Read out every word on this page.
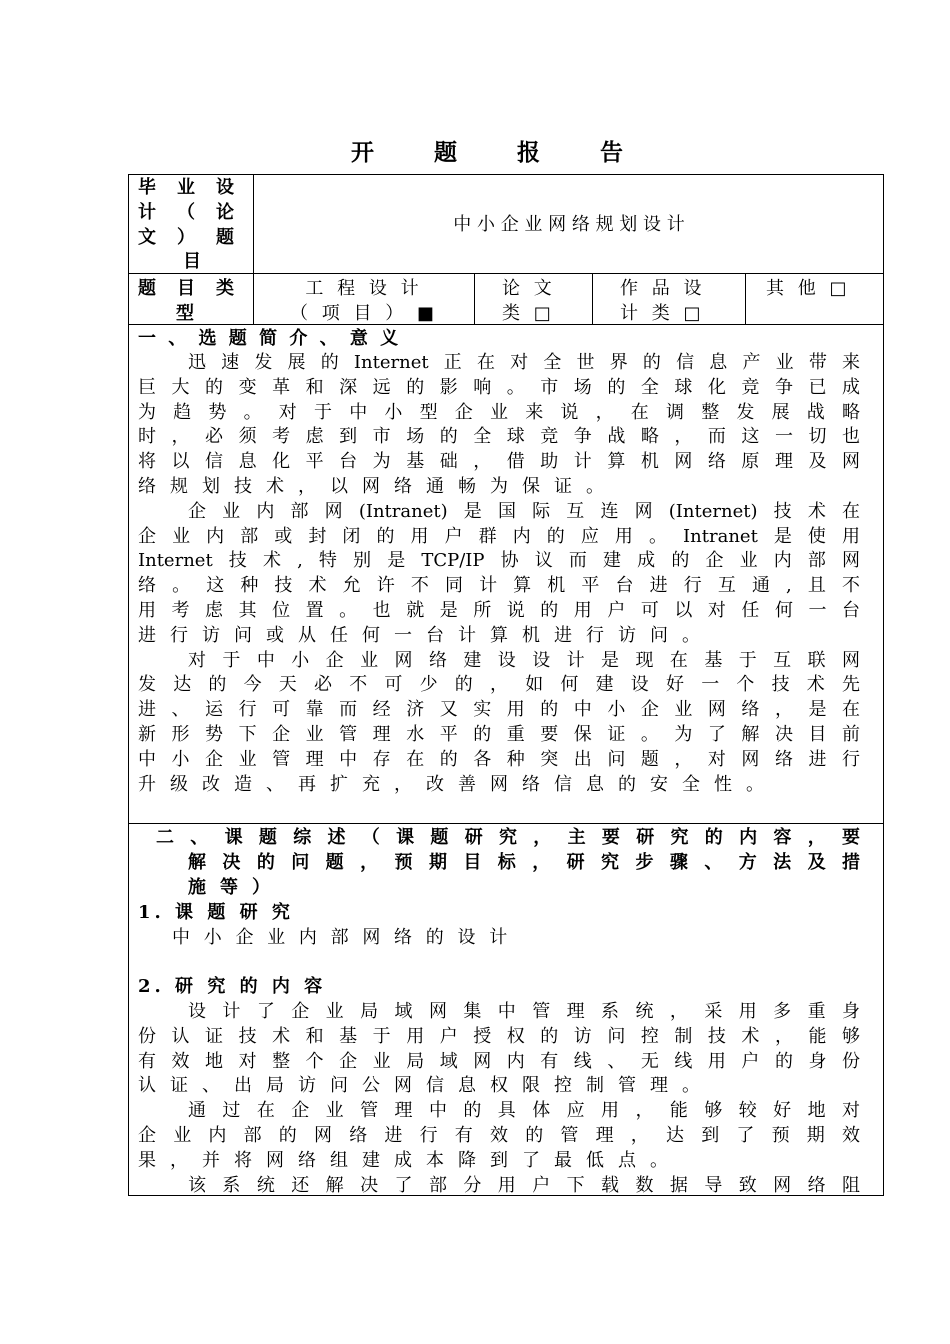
开 题 报 告
毕 业 设
计 （ 论
文 ） 题
目
中 小 企 业 网 络 规 划 设 计
题 目 类
型
工 程 设 计
（ 项 目 ） ■
论 文
类 □
作 品 设
计 类 □
其 他 □
一 、 选 题 简 介 、 意 义
迅速发展的Internet正在对全世界的信息产业带来
巨大的变革和深远的影响。市场的全球化竞争已成
为趋势。对于中小型企业来说，在调整发展战略
时，必须考虑到市场的全球竞争战略，而这一切也
将以信息化平台为基础，借助计算机网络原理及网
络规划技术，以网络通畅为保证。
企业内部网(Intranet)是国际互连网(Internet)技术在
企业内部或封闭的用户群内的应用。Intranet是使用
Internet技术,特别是TCP/IP协议而建成的企业内部网
络。这种技术允许不同计算机平台进行互通,且不
用考虑其位置。也就是所说的用户可以对任何一台
进行访问或从任何一台计算机进行访问。
对于中小企业网络建设设计是现在基于互联网
发达的今天必不可少的，如何建设好一个技术先
进、运行可靠而经济又实用的中小企业网络，是在
新形势下企业管理水平的重要保证。为了解决目前
中小企业管理中存在的各种突出问题，对网络进行
升级改造、再扩充，改善网络信息的安全性。
二、课题综述（课题研究，主要研究的内容，要
解决的问题，预期目标，研究步骤、方法及措
施等）
1. 课 题 研 究
中 小 企 业 内 部 网 络 的 设 计
2. 研 究 的 内 容
设计了企业局域网集中管理系统，采用多重身
份认证技术和基于用户授权的访问控制技术，能够
有效地对整个企业局域网内有线、无线用户的身份
认证、出局访问公网信息权限控制管理。
通过在企业管理中的具体应用，能够较好地对
企业内部的网络进行有效的管理，达到了预期效
果，并将网络组建成本降到了最低点。
该系统还解决了部分用户下载数据导致网络阻
